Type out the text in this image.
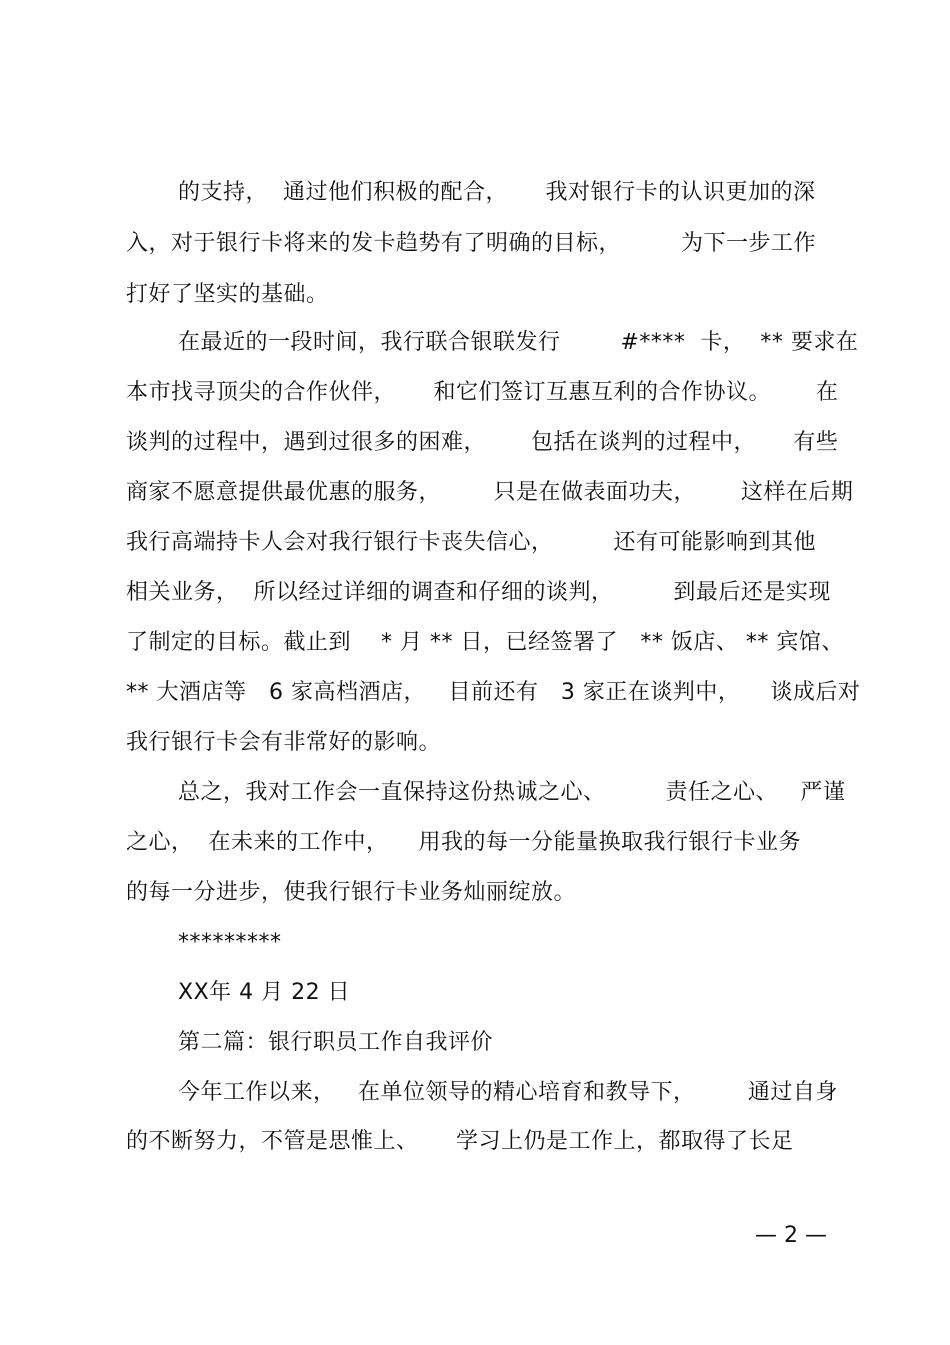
的支持，  通过他们积极的配合，     我对银行卡的认识更加的深
入，对于银行卡将来的发卡趋势有了明确的目标，        为下一步工作
打好了坚实的基础。
在最近的一段时间，我行联合银联发行        #****  卡，  ** 要求在
本市找寻顶尖的合作伙伴，     和它们签订互惠互利的合作协议。      在
谈判的过程中，遇到过很多的困难，      包括在谈判的过程中，     有些
商家不愿意提供最优惠的服务，       只是在做表面功夫，      这样在后期
我行高端持卡人会对我行银行卡丧失信心，        还有可能影响到其他
相关业务，  所以经过详细的调查和仔细的谈判，        到最后还是实现
了制定的目标。截止到    * 月 ** 日，已经签署了   ** 饭店、 ** 宾馆、
** 大酒店等   6 家高档酒店，   目前还有   3 家正在谈判中，    谈成后对
我行银行卡会有非常好的影响。
总之，我对工作会一直保持这份热诚之心、        责任之心、   严谨
之心，  在未来的工作中，    用我的每一分能量换取我行银行卡业务
的每一分进步，使我行银行卡业务灿丽绽放。
*********
XX年 4 月 22 日
第二篇：银行职员工作自我评价
今年工作以来，   在单位领导的精心培育和教导下，       通过自身
的不断努力，不管是思惟上、     学习上仍是工作上，都取得了长足
— 2 —
